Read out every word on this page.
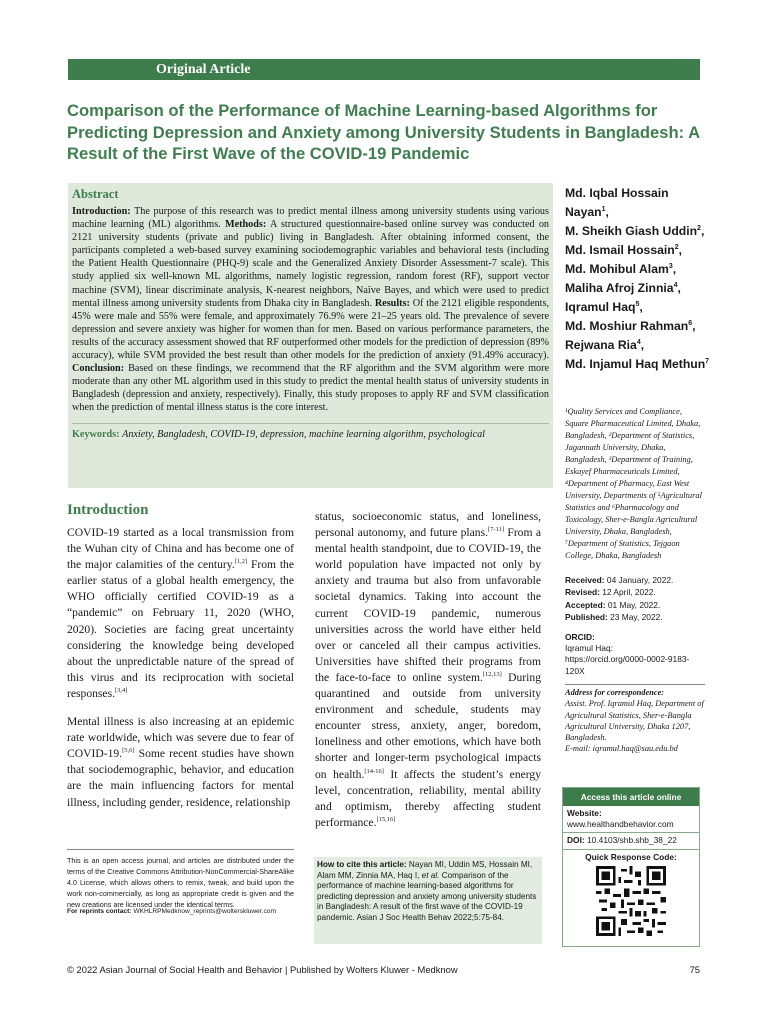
Original Article
Comparison of the Performance of Machine Learning-based Algorithms for Predicting Depression and Anxiety among University Students in Bangladesh: A Result of the First Wave of the COVID-19 Pandemic

Abstract

Introduction: The purpose of this research was to predict mental illness among university students using various machine learning (ML) algorithms. Methods: A structured questionnaire-based online survey was conducted on 2121 university students (private and public) living in Bangladesh. After obtaining informed consent, the participants completed a web-based survey examining sociodemographic variables and behavioral tests (including the Patient Health Questionnaire (PHQ-9) scale and the Generalized Anxiety Disorder Assessment-7 scale). This study applied six well-known ML algorithms, namely logistic regression, random forest (RF), support vector machine (SVM), linear discriminate analysis, K-nearest neighbors, Naïve Bayes, and which were used to predict mental illness among university students from Dhaka city in Bangladesh. Results: Of the 2121 eligible respondents, 45% were male and 55% were female, and approximately 76.9% were 21–25 years old. The prevalence of severe depression and severe anxiety was higher for women than for men. Based on various performance parameters, the results of the accuracy assessment showed that RF outperformed other models for the prediction of depression (89% accuracy), while SVM provided the best result than other models for the prediction of anxiety (91.49% accuracy). Conclusion: Based on these findings, we recommend that the RF algorithm and the SVM algorithm were more moderate than any other ML algorithm used in this study to predict the mental health status of university students in Bangladesh (depression and anxiety, respectively). Finally, this study proposes to apply RF and SVM classification when the prediction of mental illness status is the core interest.

Keywords: Anxiety, Bangladesh, COVID-19, depression, machine learning algorithm, psychological

Introduction

COVID-19 started as a local transmission from the Wuhan city of China and has become one of the major calamities of the century.[1,2] From the earlier status of a global health emergency, the WHO officially certified COVID-19 as a “pandemic” on February 11, 2020 (WHO, 2020). Societies are facing great uncertainty considering the knowledge being developed about the unpredictable nature of the spread of this virus and its reciprocation with societal responses.[3,4]

Mental illness is also increasing at an epidemic rate worldwide, which was severe due to fear of COVID-19.[5,6] Some recent studies have shown that sociodemographic, behavior, and education are the main influencing factors for mental illness, including gender, residence, relationship

status, socioeconomic status, and loneliness, personal autonomy, and future plans.[7-11] From a mental health standpoint, due to COVID-19, the world population have impacted not only by anxiety and trauma but also from unfavorable societal dynamics. Taking into account the current COVID-19 pandemic, numerous universities across the world have either held over or canceled all their campus activities. Universities have shifted their programs from the face-to-face to online system.[12,13] During quarantined and outside from university environment and schedule, students may encounter stress, anxiety, anger, boredom, loneliness and other emotions, which have both shorter and longer-term psychological impacts on health.[14-16] It affects the student’s energy level, concentration, reliability, mental ability and optimism, thereby affecting student performance.[15,16]

This is an open access journal, and articles are distributed under the terms of the Creative Commons Attribution-NonCommercial-ShareAlike 4.0 License, which allows others to remix, tweak, and build upon the work non-commercially, as long as appropriate credit is given and the new creations are licensed under the identical terms.

For reprints contact: WKHLRPMedknow_reprints@wolterskluwer.com

How to cite this article: Nayan MI, Uddin MS, Hossain MI, Alam MM, Zinnia MA, Haq I, et al. Comparison of the performance of machine learning-based algorithms for predicting depression and anxiety among university students in Bangladesh: A result of the first wave of the COVID-19 pandemic. Asian J Soc Health Behav 2022;5:75-84.
Md. Iqbal Hossain Nayan$^1$,
M. Sheikh Giash Uddin$^2$,
Md. Ismail Hossain$^2$,
Md. Mohibul Alam$^3$,
Maliha Afroj Zinnia$^4$,
Iqramul Haq$^5$,
Md. Moshiur Rahman$^6$,
Rejwana Ria$^4$,
Md. Injamul Haq Methun$^7$

¹Quality Services and Compliance, Square Pharmaceutical Limited, Dhaka, Bangladesh, ²Department of Statistics, Jagannath University, Dhaka, Bangladesh, ³Department of Training, Eskayef Pharmaceuticals Limited, ⁴Department of Pharmacy, East West University, Departments of ⁵Agricultural Statistics and ⁶Pharmacology and Toxicology, Sher-e-Bangla Agricultural University, Dhaka, Bangladesh, ⁷Department of Statistics, Tejgaon College, Dhaka, Bangladesh

Received: 04 January, 2022.
Revised: 12 April, 2022.
Accepted: 01 May, 2022.
Published: 23 May, 2022.
ORCID:
Iqramul Haq:
https://orcid.org/0000-0002-9183-120X
Address for correspondence:
Assist. Prof. Iqramul Haq, Department of Agricultural Statistics, Sher-e-Bangla Agricultural University, Dhaka 1207, Bangladesh.
E-mail: iqramul.haq@sau.edu.bd
Access this article online
Website: www.healthandbehavior.com
DOI: 10.4103/shb.shb_38_22
Quick Response Code:

© 2022 Asian Journal of Social Health and Behavior | Published by Wolters Kluwer - Medknow	75
